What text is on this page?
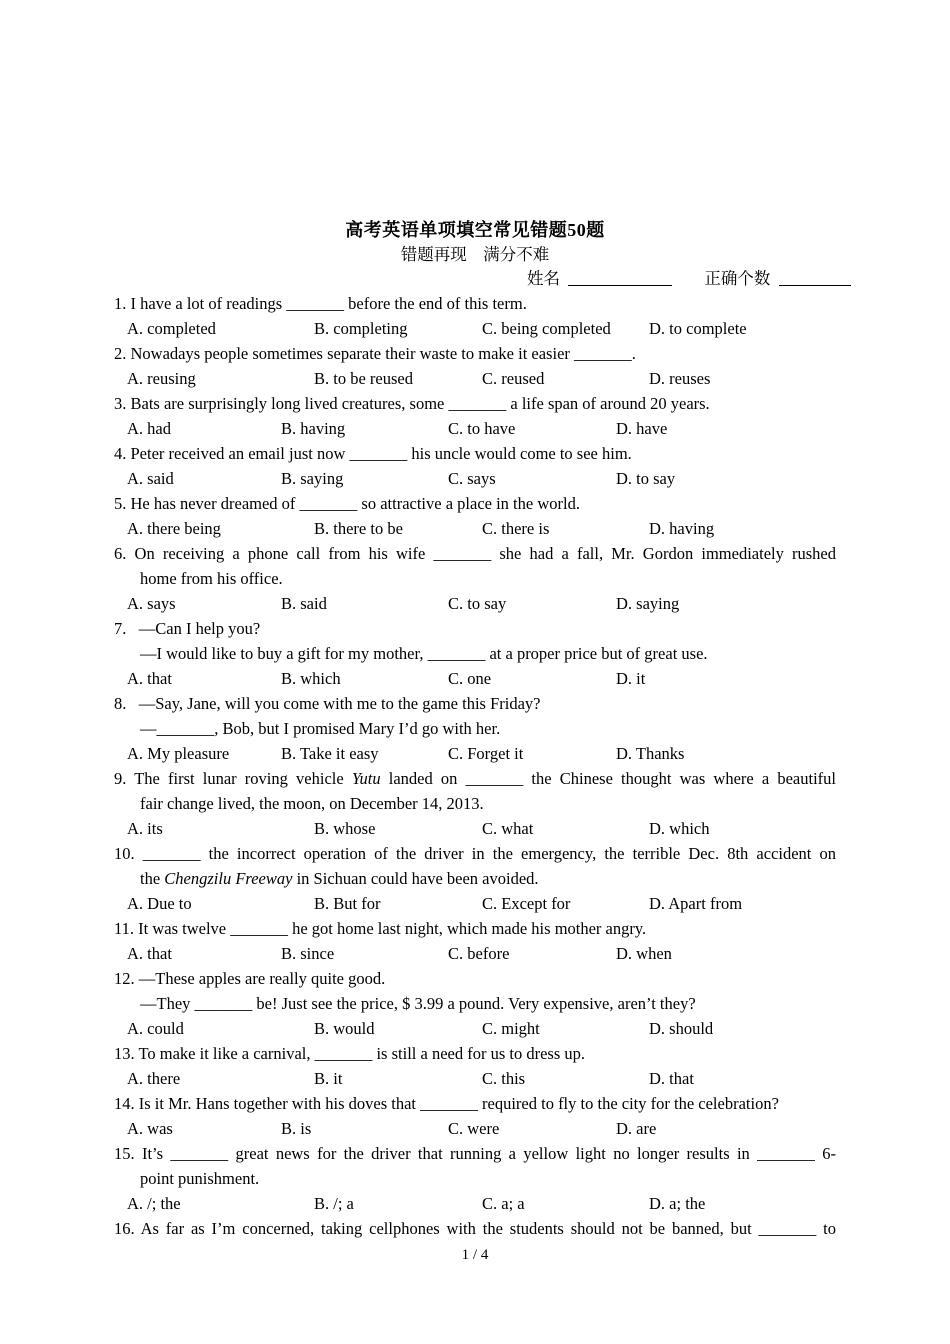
高考英语单项填空常见错题50题
错题再现　满分不难
姓名	正确个数
1. I have a lot of readings _______ before the end of this term.
A. completed	B. completing	C. being completed D. to complete
2. Nowadays people sometimes separate their waste to make it easier _______.
A. reusing	B. to be reused	C. reused	D. reuses
3. Bats are surprisingly long lived creatures, some _______ a life span of around 20 years.
A. had	B. having	C. to have	D. have
4. Peter received an email just now _______ his uncle would come to see him.
A. said	B. saying	C. says	D. to say
5. He has never dreamed of _______ so attractive a place in the world.
A. there being	B. there to be	C. there is	D. having
6. On receiving a phone call from his wife _______ she had a fall, Mr. Gordon immediately rushed
home from his office.
A. says	B. said	C. to say	D. saying
7.   —Can I help you?
—I would like to buy a gift for my mother, _______ at a proper price but of great use.
A. that	B. which	C. one	D. it
8.   —Say, Jane, will you come with me to the game this Friday?
—_______, Bob, but I promised Mary I’d go with her.
A. My pleasure	B. Take it easy	C. Forget it	D. Thanks
9. The first lunar roving vehicle Yutu landed on _______ the Chinese thought was where a beautiful
fair change lived, the moon, on December 14, 2013.
A. its	B. whose	C. what	D. which
10. _______ the incorrect operation of the driver in the emergency, the terrible Dec. 8th accident on
the Chengzilu Freeway in Sichuan could have been avoided.
A. Due to	B. But for	C. Except for	D. Apart from
11. It was twelve _______ he got home last night, which made his mother angry.
A. that	B. since	C. before	D. when
12. —These apples are really quite good.
—They _______ be! Just see the price, $ 3.99 a pound. Very expensive, aren’t they?
A. could	B. would	C. might	D. should
13. To make it like a carnival, _______ is still a need for us to dress up.
A. there	B. it	C. this	D. that
14. Is it Mr. Hans together with his doves that _______ required to fly to the city for the celebration?
A. was	B. is	C. were	D. are
15. It’s _______ great news for the driver that running a yellow light no longer results in _______ 6-
point punishment.
A. /; the	B. /; a	C. a; a	D. a; the
16. As far as I’m concerned, taking cellphones with the students should not be banned, but _______ to
1 / 4
